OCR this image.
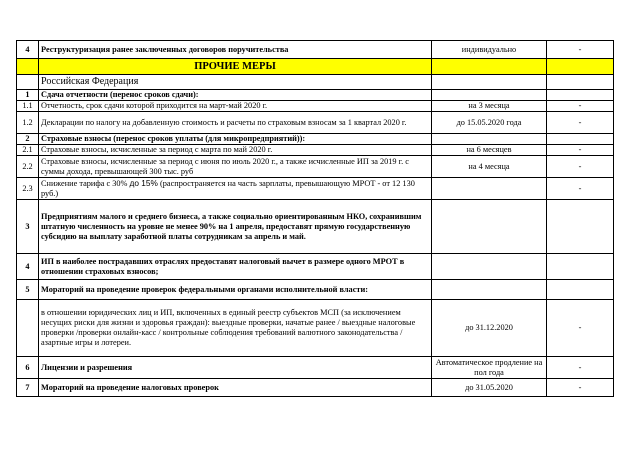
4	Реструктуризация ранее заключенных договоров поручительства	индивидуально	-
	ПРОЧИЕ МЕРЫ		
	Российская Федерация		
1	Сдача отчетности (перенос сроков сдачи):		
1.1	Отчетность, срок сдачи которой приходится на март-май 2020 г.	на 3 месяца	-
1.2	Декларации по налогу на добавленную стоимость и расчеты по страховым взносам за 1 квартал 2020 г.	до 15.05.2020 года	-
2	Страховые взносы (перенос сроков уплаты (для микропредприятий)):		
2.1	Страховые взносы, исчисленные за период с марта по май 2020 г.	на 6 месяцев	-
2.2	Страховые взносы, исчисленные за период с июня по июль 2020 г., а также исчисленные ИП за 2019 г. с суммы дохода, превышающей 300 тыс. руб	на 4 месяца	-
2.3	Снижение тарифа с 30% до 15% (распространяется на часть зарплаты, превышающую МРОТ - от 12 130 руб.)		-
3	Предприятиям малого и среднего бизнеса, а также социально ориентированным НКО, сохранившим штатную численность на уровне не менее 90% на 1 апреля, предоставят прямую государственную субсидию на выплату заработной платы сотрудникам за апрель и май.		
4	ИП в наиболее пострадавших отраслях предоставят налоговый вычет в размере одного МРОТ в отношении страховых взносов;		
5	Мораторий на проведение проверок федеральными органами исполнительной власти:		
	в отношении юридических лиц и ИП, включенных в единый реестр субъектов МСП (за исключением несущих риски для жизни и здоровья граждан): выездные проверки, начатые ранее / выездные налоговые проверки /проверки онлайн-касс / контрольные соблюдения требований валютного законодательства / азартные игры и лотереи.	до 31.12.2020	-
6	Лицензии и разрешения	Автоматическое продление на пол года	-
7	Мораторий на проведение налоговых проверок	до 31.05.2020	-
